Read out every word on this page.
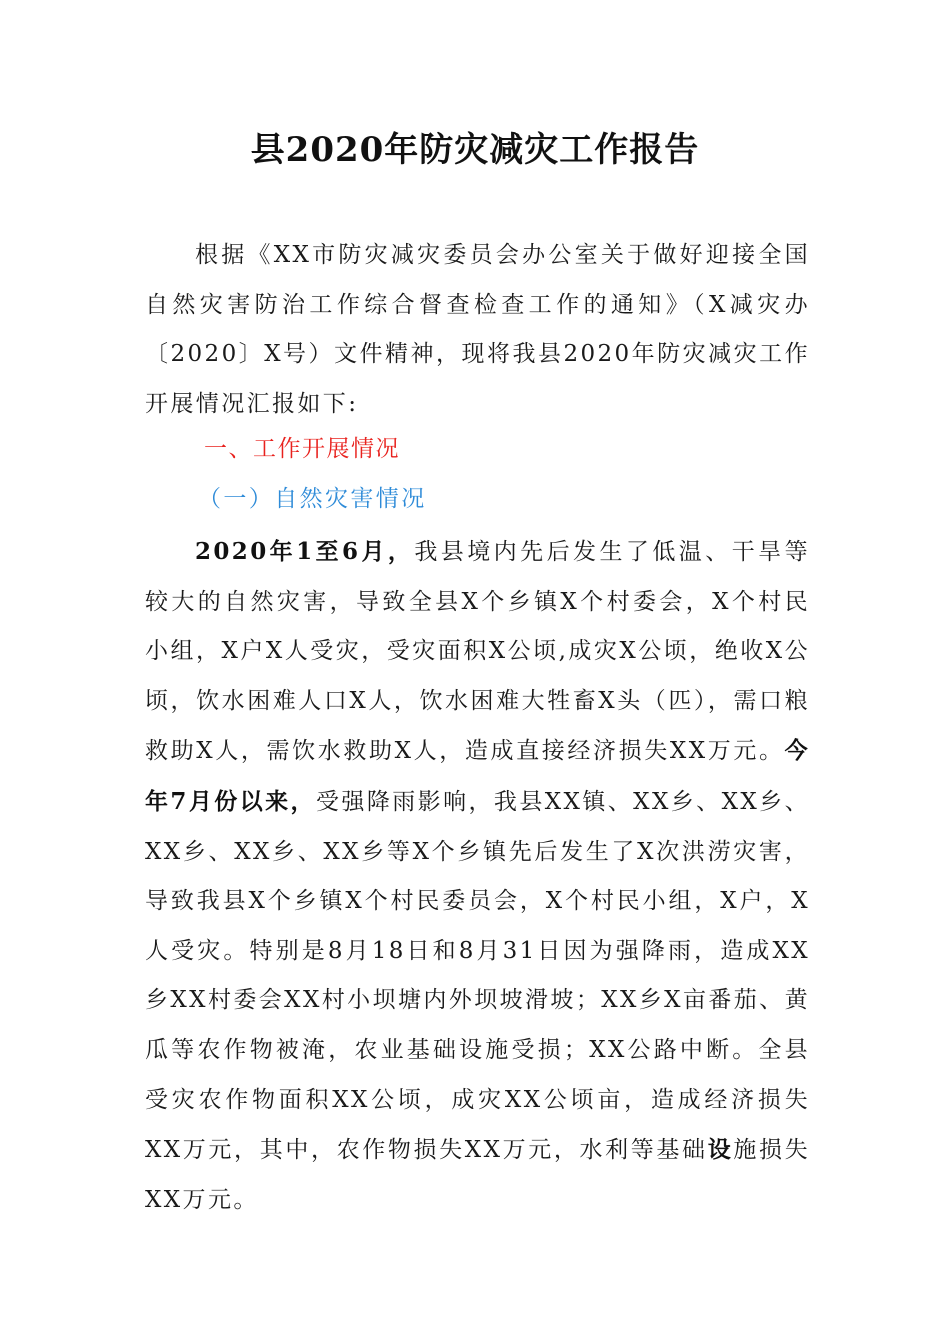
县2020年防灾减灾工作报告
根据《XX市防灾减灾委员会办公室关于做好迎接全国自然灾害防治工作综合督查检查工作的通知》（X减灾办〔2020〕X号）文件精神，现将我县2020年防灾减灾工作开展情况汇报如下:
一、工作开展情况
（一）自然灾害情况
2020年1至6月，我县境内先后发生了低温、干旱等较大的自然灾害，导致全县X个乡镇X个村委会，X个村民小组，X户X人受灾，受灾面积X公顷,成灾X公顷，绝收X公顷，饮水困难人口X人，饮水困难大牲畜X头（匹），需口粮救助X人，需饮水救助X人，造成直接经济损失XX万元。今年7月份以来，受强降雨影响，我县XX镇、XX乡、XX乡、XX乡、XX乡、XX乡等X个乡镇先后发生了X次洪涝灾害，导致我县X个乡镇X个村民委员会，X个村民小组，X户，X人受灾。特别是8月18日和8月31日因为强降雨，造成XX乡XX村委会XX村小坝塘内外坝坡滑坡；XX乡X亩番茄、黄瓜等农作物被淹，农业基础设施受损；XX公路中断。全县受灾农作物面积XX公顷，成灾XX公顷亩，造成经济损失XX万元，其中，农作物损失XX万元，水利等基础设施损失XX万元。
